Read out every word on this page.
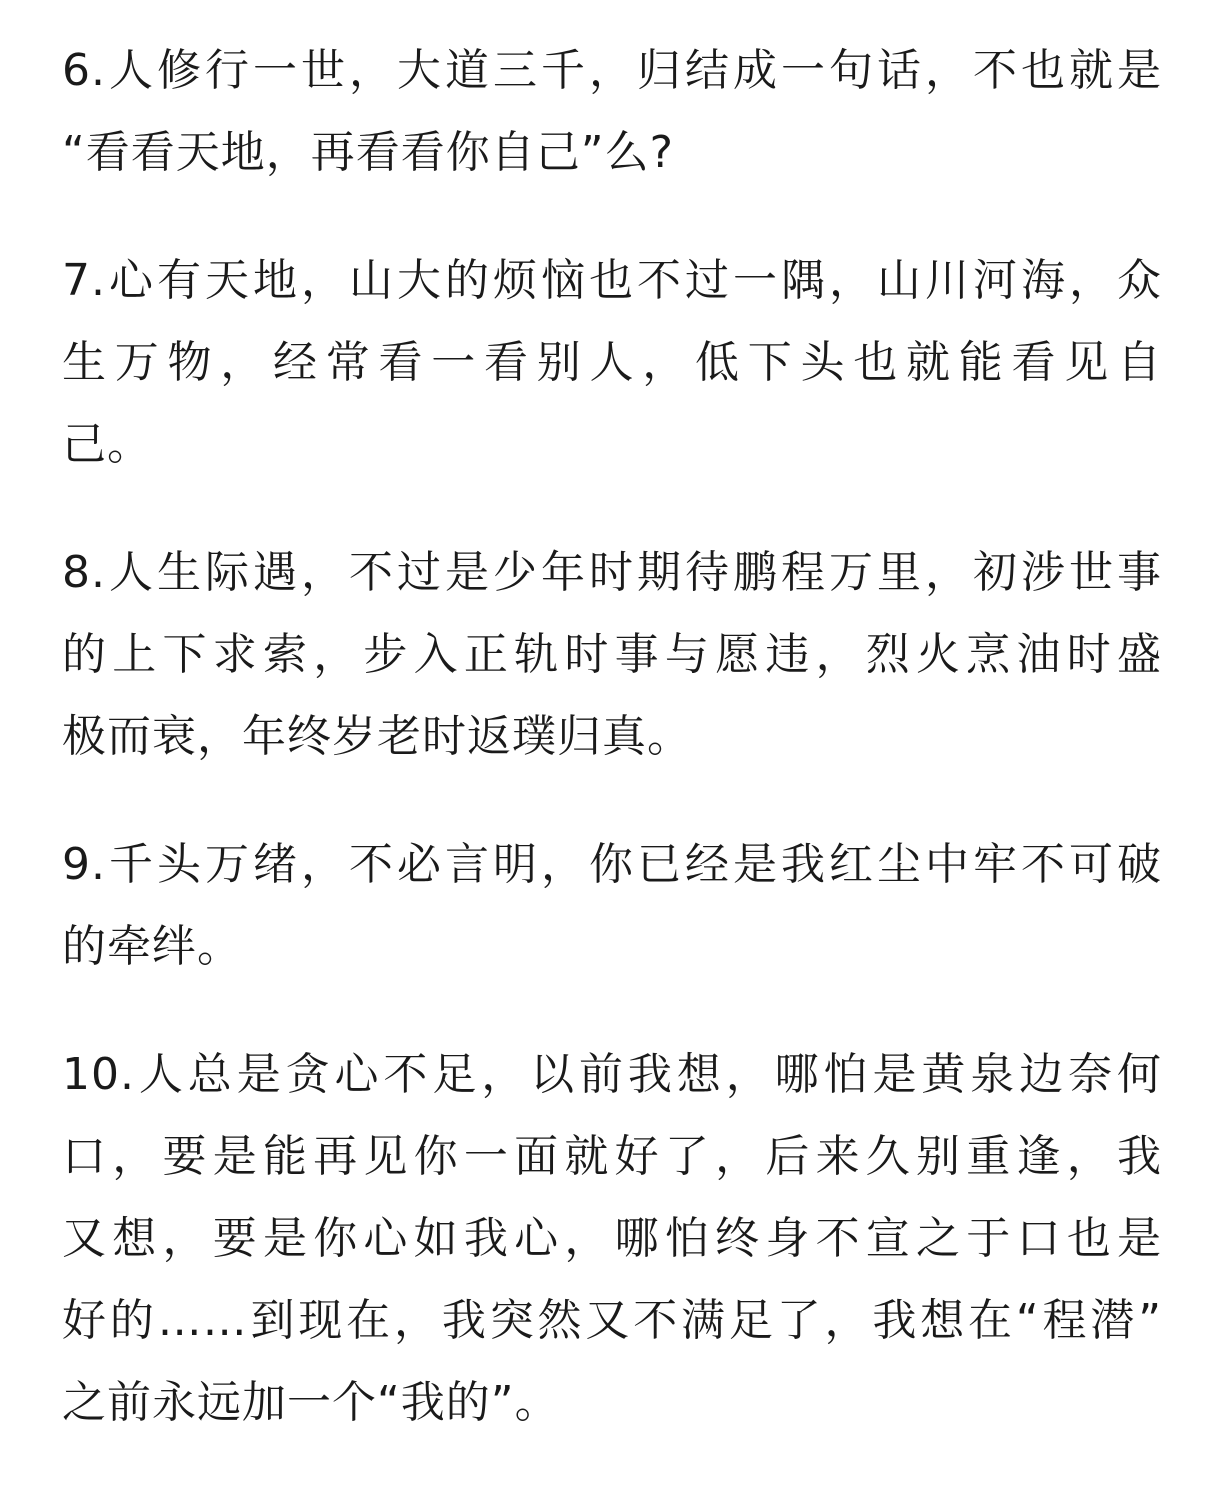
6.人修行一世，大道三千，归结成一句话，不也就是
“看看天地，再看看你自己”么?
7.心有天地，山大的烦恼也不过一隅，山川河海，众
生万物，经常看一看别人，低下头也就能看见自
己。
8.人生际遇，不过是少年时期待鹏程万里，初涉世事
的上下求索，步入正轨时事与愿违，烈火烹油时盛
极而衰，年终岁老时返璞归真。
9.千头万绪，不必言明，你已经是我红尘中牢不可破
的牵绊。
10.人总是贪心不足，以前我想，哪怕是黄泉边奈何
口，要是能再见你一面就好了，后来久别重逢，我
又想，要是你心如我心，哪怕终身不宣之于口也是
好的……到现在，我突然又不满足了，我想在“程潜”
之前永远加一个“我的”。
